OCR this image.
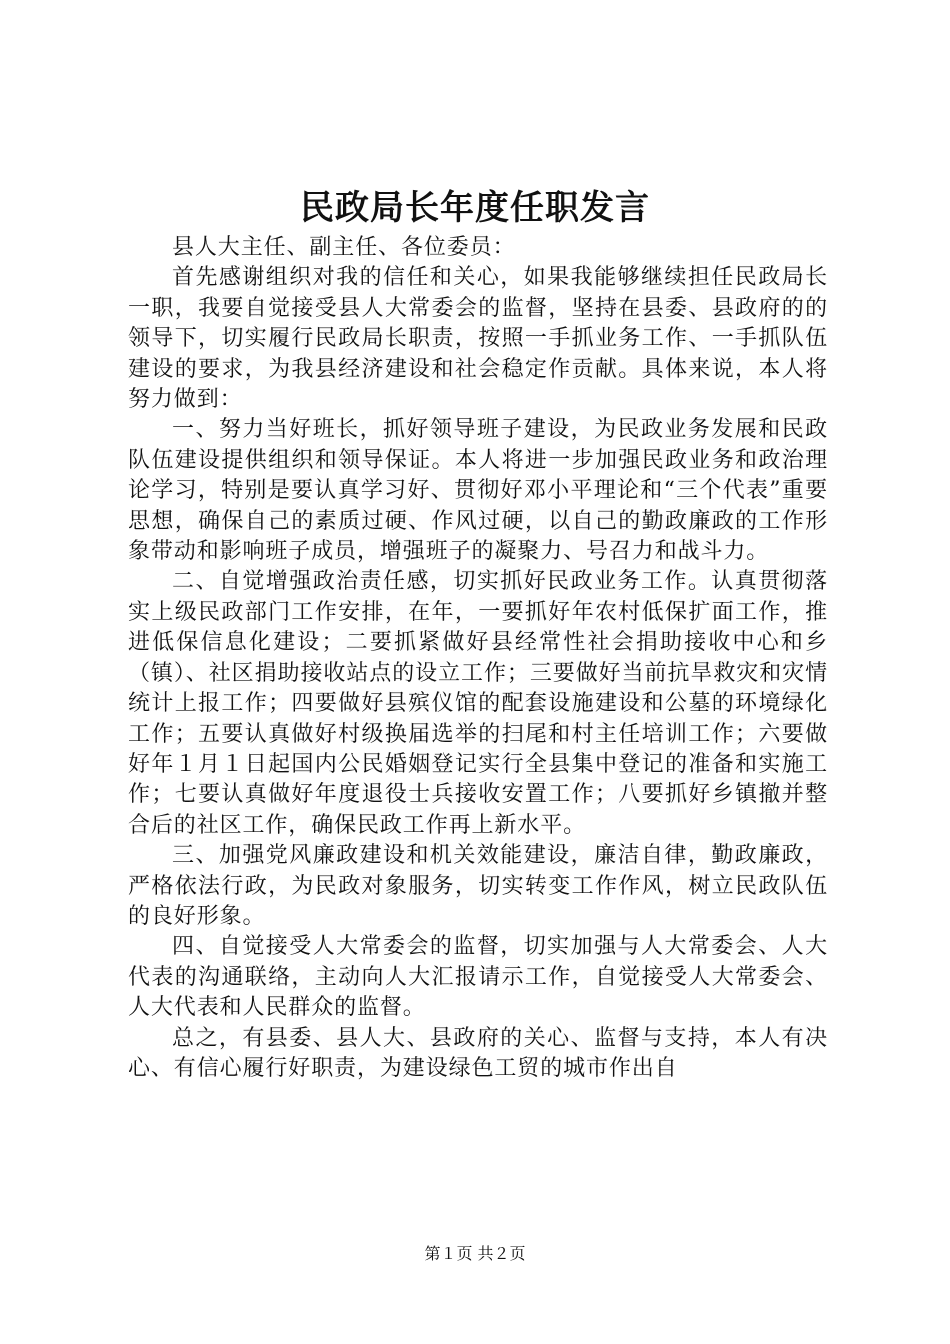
民政局长年度任职发言

县人大主任、副主任、各位委员：

首先感谢组织对我的信任和关心，如果我能够继续担任民政局长一职，我要自觉接受县人大常委会的监督，坚持在县委、县政府的的领导下，切实履行民政局长职责，按照一手抓业务工作、一手抓队伍建设的要求，为我县经济建设和社会稳定作贡献。具体来说，本人将努力做到：

一、努力当好班长，抓好领导班子建设，为民政业务发展和民政队伍建设提供组织和领导保证。本人将进一步加强民政业务和政治理论学习，特别是要认真学习好、贯彻好邓小平理论和“三个代表”重要思想，确保自己的素质过硬、作风过硬，以自己的勤政廉政的工作形象带动和影响班子成员，增强班子的凝聚力、号召力和战斗力。

二、自觉增强政治责任感，切实抓好民政业务工作。认真贯彻落实上级民政部门工作安排，在年，一要抓好年农村低保扩面工作，推进低保信息化建设；二要抓紧做好县经常性社会捐助接收中心和乡（镇）、社区捐助接收站点的设立工作；三要做好当前抗旱救灾和灾情统计上报工作；四要做好县殡仪馆的配套设施建设和公墓的环境绿化工作；五要认真做好村级换届选举的扫尾和村主任培训工作；六要做好年１月１日起国内公民婚姻登记实行全县集中登记的准备和实施工作；七要认真做好年度退役士兵接收安置工作；八要抓好乡镇撤并整合后的社区工作，确保民政工作再上新水平。

三、加强党风廉政建设和机关效能建设，廉洁自律，勤政廉政，严格依法行政，为民政对象服务，切实转变工作作风，树立民政队伍的良好形象。

四、自觉接受人大常委会的监督，切实加强与人大常委会、人大代表的沟通联络，主动向人大汇报请示工作，自觉接受人大常委会、人大代表和人民群众的监督。

总之，有县委、县人大、县政府的关心、监督与支持，本人有决心、有信心履行好职责，为建设绿色工贸的城市作出自

第１页 共２页
